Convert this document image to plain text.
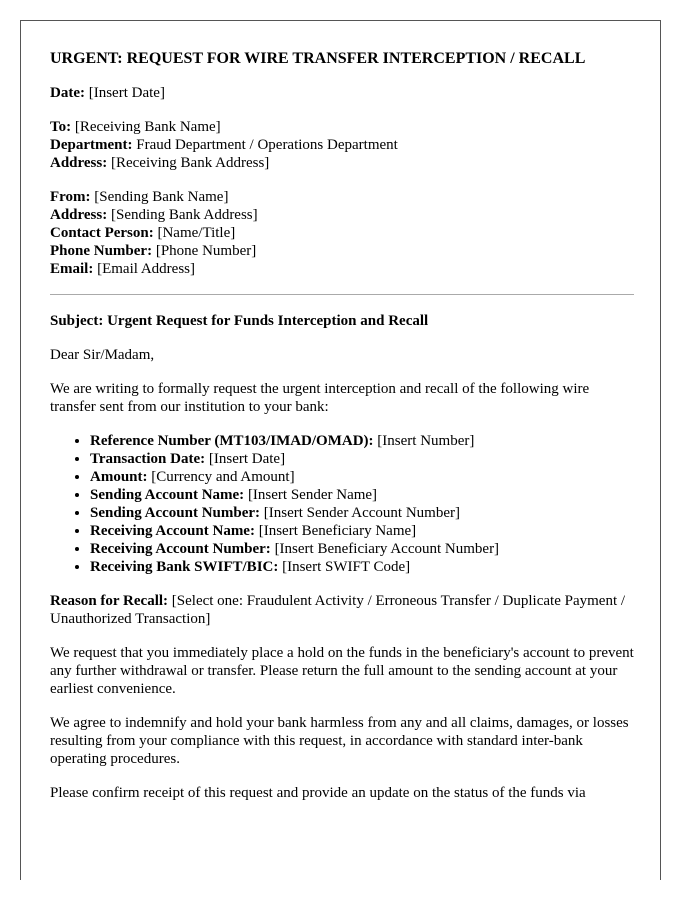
URGENT: REQUEST FOR WIRE TRANSFER INTERCEPTION / RECALL

Date: [Insert Date]

To: [Receiving Bank Name]

Department: Fraud Department / Operations Department

Address: [Receiving Bank Address]

From: [Sending Bank Name]

Address: [Sending Bank Address]

Contact Person: [Name/Title]

Phone Number: [Phone Number]

Email: [Email Address]

Subject: Urgent Request for Funds Interception and Recall

Dear Sir/Madam,

We are writing to formally request the urgent interception and recall of the following wire transfer sent from our institution to your bank:

• Reference Number (MT103/IMAD/OMAD): [Insert Number]
• Transaction Date: [Insert Date]
• Amount: [Currency and Amount]
• Sending Account Name: [Insert Sender Name]
• Sending Account Number: [Insert Sender Account Number]
• Receiving Account Name: [Insert Beneficiary Name]
• Receiving Account Number: [Insert Beneficiary Account Number]
• Receiving Bank SWIFT/BIC: [Insert SWIFT Code]

Reason for Recall: [Select one: Fraudulent Activity / Erroneous Transfer / Duplicate Payment / Unauthorized Transaction]

We request that you immediately place a hold on the funds in the beneficiary's account to prevent any further withdrawal or transfer. Please return the full amount to the sending account at your earliest convenience.

We agree to indemnify and hold your bank harmless from any and all claims, damages, or losses resulting from your compliance with this request, in accordance with standard inter-bank operating procedures.

Please confirm receipt of this request and provide an update on the status of the funds via
